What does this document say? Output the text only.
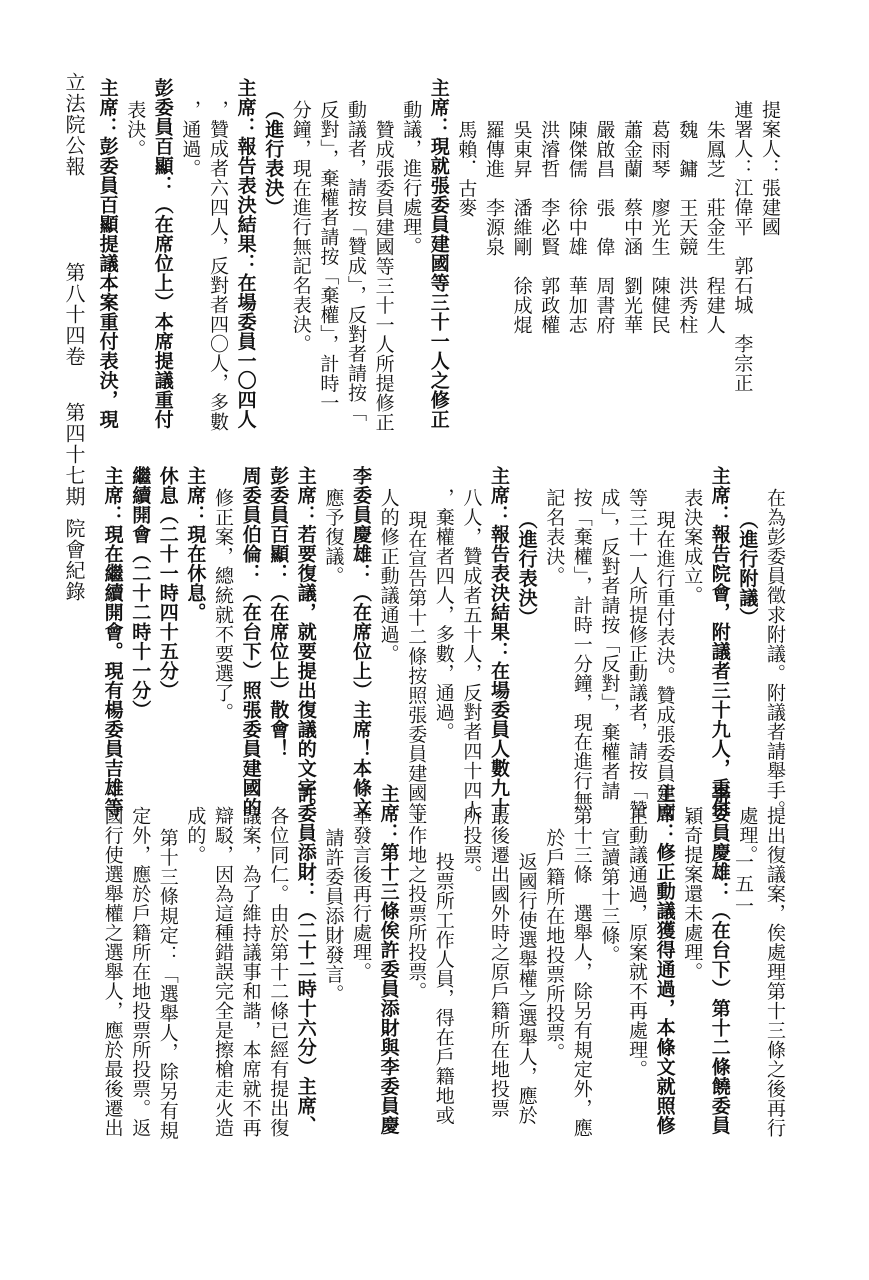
提案人：張建國
連署人：江偉平　郭石城　李宗正
朱鳳芝　莊金生　程建人
魏　鏞　王天競　洪秀柱
葛雨琴　廖光生　陳健民
蕭金蘭　蔡中涵　劉光華
嚴啟昌　張　偉　周書府
陳傑儒　徐中雄　華加志
洪濬哲　李必賢　郭政權
吳東昇　潘維剛　徐成焜
羅傳進　李源泉
馬賴．古麥
主席：現就張委員建國等三十一人之修正
動議，進行處理。
贊成張委員建國等三十一人所提修正
動議者，請按「贊成」，反對者請按「
反對」，棄權者請按「棄權」，計時一
分鐘，現在進行無記名表決。
（進行表決）
主席：報告表決結果：在場委員一〇四人
，贊成者六四人，反對者四〇人，多數
，通過。
彭委員百顯：（在席位上）本席提議重付
表決。
主席：彭委員百顯提議本案重付表決，現
在為彭委員徵求附議。附議者請舉手。
（進行附議）
主席：報告院會，附議者三十九人，重付
表決案成立。
現在進行重付表決。贊成張委員建國
等三十一人所提修正動議者，請按「贊
成」，反對者請按「反對」，棄權者請
按「棄權」，計時一分鐘，現在進行無
記名表決。
（進行表決）
主席：報告表決結果：在場委員人數九十
八人，贊成者五十人，反對者四十四人
，棄權者四人，多數，通過。
現在宣告第十二條按照張委員建國等
人的修正動議通過。
李委員慶雄：（在席位上）主席！本條文
應予復議。
主席：若要復議，就要提出復議的文字。
彭委員百顯：（在席位上）散會！
周委員伯倫：（在台下）照張委員建國的
修正案，總統就不要選了。
主席：現在休息。
休息（二十一時四十五分）
繼續開會（二十二時十一分）
主席：現在繼續開會。現有楊委員吉雄等
提出復議案，俟處理第十三條之後再行
處理。
李委員慶雄：（在台下）第十二條饒委員
穎奇提案還未處理。
主席：修正動議獲得通過，本條文就照修
正動議通過，原案就不再處理。
宣讀第十三條。
第十三條　選舉人，除另有規定外，應
於戶籍所在地投票所投票。
返國行使選舉權之選舉人，應於
最後遷出國外時之原戶籍所在地投票
所投票。
投票所工作人員，得在戶籍地或
工作地之投票所投票。
主席：第十三條俟許委員添財與李委員慶
華發言後再行處理。
請許委員添財發言。
許委員添財：（二十二時十六分）主席、
各位同仁。由於第十二條已經有提出復
議案，為了維持議事和諧，本席就不再
辯駁，因為這種錯誤完全是擦槍走火造
成的。
第十三條規定：「選舉人，除另有規
定外，應於戶籍所在地投票所投票。返
國行使選舉權之選舉人，應於最後遷出
立法院公報
第八十四卷
第四十七期
院會紀錄
一五一
